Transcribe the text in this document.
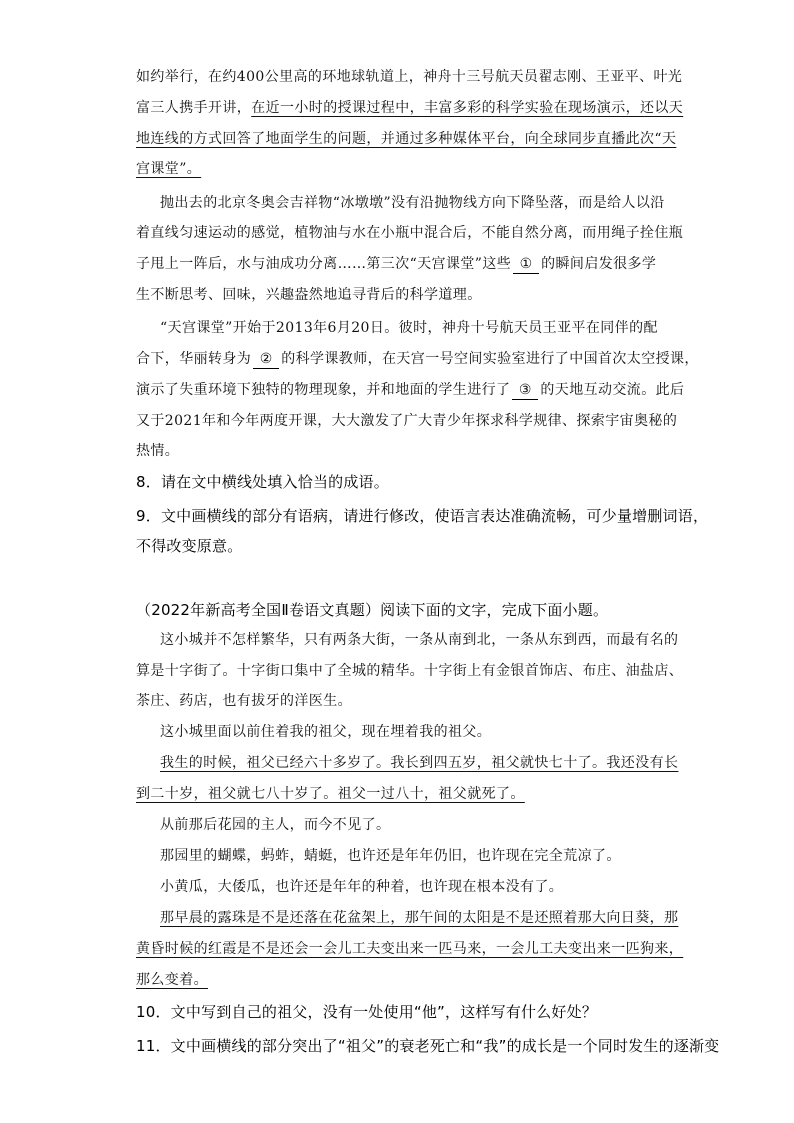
如约举行，在约400公里高的环地球轨道上，神舟十三号航天员翟志刚、王亚平、叶光
富三人携手开讲，在近一小时的授课过程中，丰富多彩的科学实验在现场演示，还以天
地连线的方式回答了地面学生的问题，并通过多种媒体平台，向全球同步直播此次“天
宫课堂”。
抛出去的北京冬奥会吉祥物“冰墩墩”没有沿抛物线方向下降坠落，而是给人以沿
着直线匀速运动的感觉，植物油与水在小瓶中混合后，不能自然分离，而用绳子拴住瓶
子甩上一阵后，水与油成功分离……第三次“天宫课堂”这些 ① 的瞬间启发很多学
生不断思考、回味，兴趣盎然地追寻背后的科学道理。
“天宫课堂”开始于2013年6月20日。彼时，神舟十号航天员王亚平在同伴的配
合下，华丽转身为 ② 的科学课教师，在天宫一号空间实验室进行了中国首次太空授课，
演示了失重环境下独特的物理现象，并和地面的学生进行了 ③ 的天地互动交流。此后
又于2021年和今年两度开课，大大激发了广大青少年探求科学规律、探索宇宙奥秘的
热情。
8．请在文中横线处填入恰当的成语。
9．文中画横线的部分有语病，请进行修改，使语言表达准确流畅，可少量增删词语，
不得改变原意。
（2022年新高考全国Ⅱ卷语文真题）阅读下面的文字，完成下面小题。
这小城并不怎样繁华，只有两条大街，一条从南到北，一条从东到西，而最有名的
算是十字街了。十字街口集中了全城的精华。十字街上有金银首饰店、布庄、油盐店、
茶庄、药店，也有拔牙的洋医生。
这小城里面以前住着我的祖父，现在埋着我的祖父。
我生的时候，祖父已经六十多岁了。我长到四五岁，祖父就快七十了。我还没有长
到二十岁，祖父就七八十岁了。祖父一过八十，祖父就死了。
从前那后花园的主人，而今不见了。
那园里的蝴蝶，蚂蚱，蜻蜓，也许还是年年仍旧，也许现在完全荒凉了。
小黄瓜，大倭瓜，也许还是年年的种着，也许现在根本没有了。
那早晨的露珠是不是还落在花盆架上，那午间的太阳是不是还照着那大向日葵，那
黄昏时候的红霞是不是还会一会儿工夫变出来一匹马来，一会儿工夫变出来一匹狗来，
那么变着。
10．文中写到自己的祖父，没有一处使用“他”，这样写有什么好处？
11．文中画横线的部分突出了“祖父”的衰老死亡和“我”的成长是一个同时发生的逐渐变
